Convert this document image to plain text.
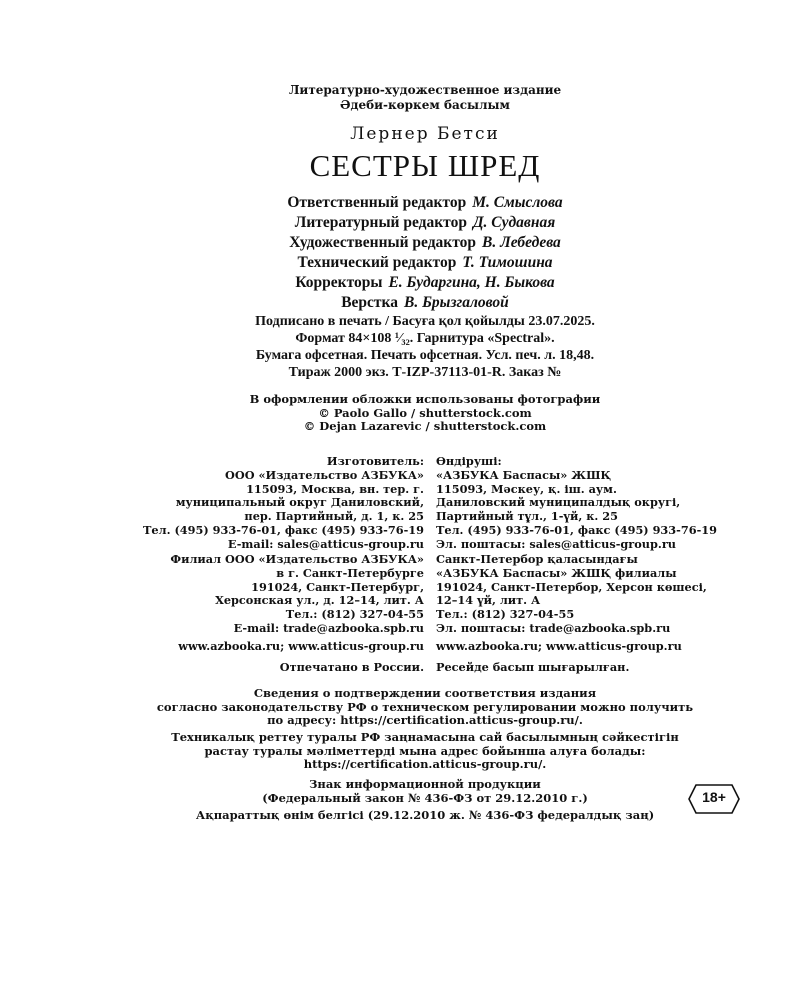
Литературно-художественное издание
Әдеби-көркем басылым
Лернер Бетси
СЕСТРЫ ШРЕД
Ответственный редактор М. Смыслова
Литературный редактор Д. Судавная
Художественный редактор В. Лебедева
Технический редактор Т. Тимошина
Корректоры Е. Бударгина, Н. Быкова
Верстка В. Брызгаловой
Подписано в печать / Басуға қол қойылды 23.07.2025.
Формат 84×108 ¹⁄₃₂. Гарнитура «Spectral».
Бумага офсетная. Печать офсетная. Усл. печ. л. 18,48.
Тираж 2000 экз. Т-IZP-37113-01-R. Заказ №
В оформлении обложки использованы фотографии
© Paolo Gallo / shutterstock.com
© Dejan Lazarevic / shutterstock.com
Изготовитель:
ООО «Издательство АЗБУКА»
115093, Москва, вн. тер. г.
муниципальный округ Даниловский,
пер. Партийный, д. 1, к. 25
Тел. (495) 933-76-01, факс (495) 933-76-19
E-mail: sales@atticus-group.ru
Өндіруші:
«АЗБУКА Баспасы» ЖШҚ
115093, Мәскеу, қ. іш. аум.
Даниловский муниципалдық округі,
Партийный тұл., 1-үй, к. 25
Тел. (495) 933-76-01, факс (495) 933-76-19
Эл. поштасы: sales@atticus-group.ru
Филиал ООО «Издательство АЗБУКА»
в г. Санкт-Петербурге
191024, Санкт-Петербург,
Херсонская ул., д. 12–14, лит. А
Тел.: (812) 327-04-55
E-mail: trade@azbooka.spb.ru
Санкт-Петербор қаласындағы
«АЗБУКА Баспасы» ЖШҚ филиалы
191024, Санкт-Петербор, Херсон көшесі,
12–14 үй, лит. А
Тел.: (812) 327-04-55
Эл. поштасы: trade@azbooka.spb.ru
www.azbooka.ru; www.atticus-group.ru www.azbooka.ru; www.atticus-group.ru
Отпечатано в России. Ресейде басып шығарылған.
Сведения о подтверждении соответствия издания
согласно законодательству РФ о техническом регулировании можно получить
по адресу: https://certification.atticus-group.ru/.
Техникалық реттеу туралы РФ заңнамасына сай басылымның сәйкестігін
растау туралы мәліметтерді мына адрес бойынша алуға болады:
https://certification.atticus-group.ru/.
Знак информационной продукции
(Федеральный закон № 436-ФЗ от 29.12.2010 г.)
Ақпараттық өнім белгісі (29.12.2010 ж. № 436-ФЗ федералдық заң)
18+
